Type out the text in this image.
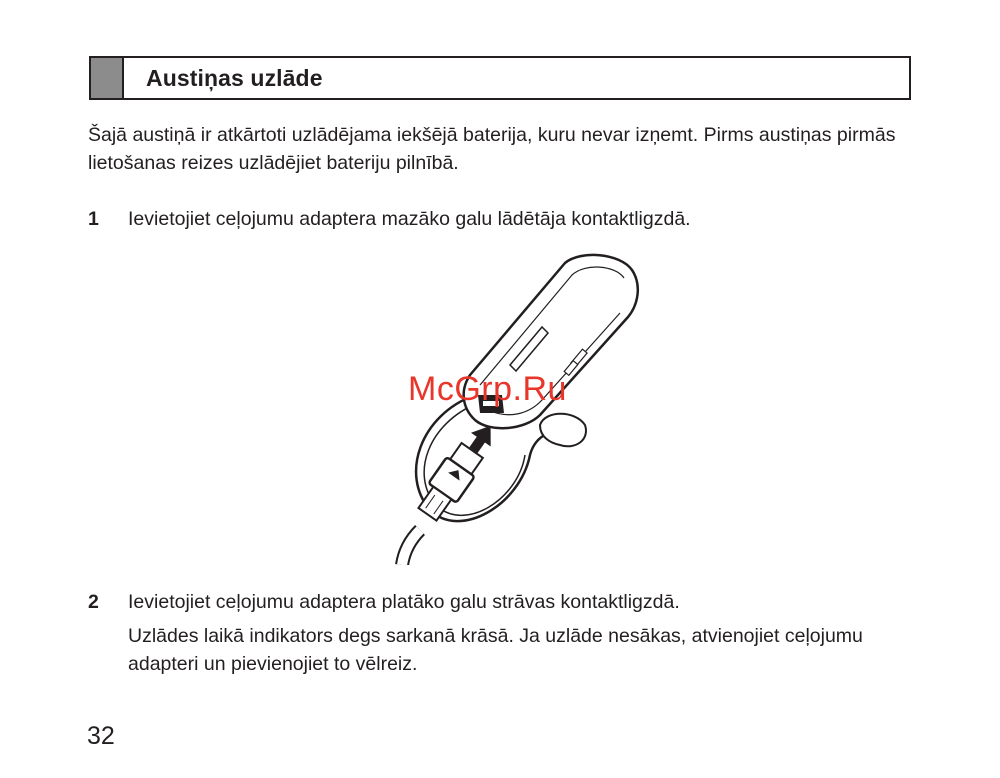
Austiņas uzlāde
Šajā austiņā ir atkārtoti uzlādējama iekšējā baterija, kuru nevar izņemt. Pirms austiņas pirmās lietošanas reizes uzlādējiet bateriju pilnībā.
1	Ievietojiet ceļojumu adaptera mazāko galu lādētāja kontaktligzdā.
McGrp.Ru
2	Ievietojiet ceļojumu adaptera platāko galu strāvas kontaktligzdā.
Uzlādes laikā indikators degs sarkanā krāsā. Ja uzlāde nesākas, atvienojiet ceļojumu adapteri un pievienojiet to vēlreiz.
32
